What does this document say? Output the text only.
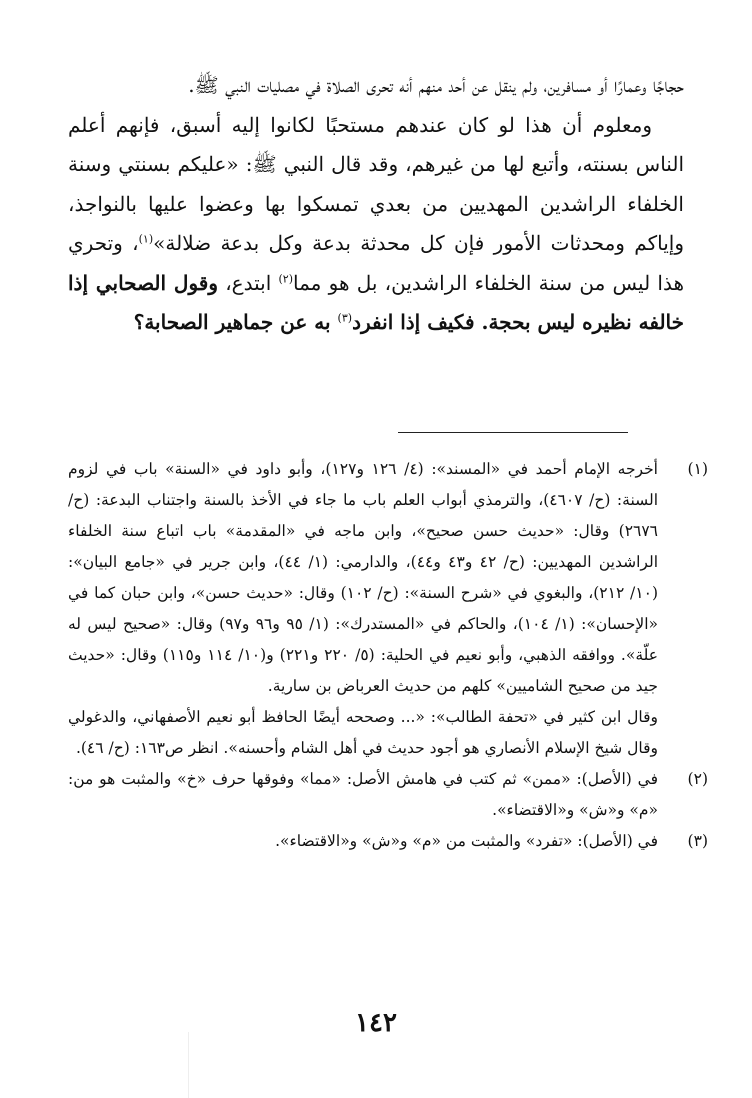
حجاجًا وعمارًا أو مسافرين، ولم ينقل عن أحد منهم أنه تحرى الصلاة في مصليات النبي ﷺ.

ومعلوم أن هذا لو كان عندهم مستحبًا لكانوا إليه أسبق، فإنهم أعلم الناس بسنته، وأتبع لها من غيرهم، وقد قال النبي ﷺ: «عليكم بسنتي وسنة الخلفاء الراشدين المهديين من بعدي تمسكوا بها وعضوا عليها بالنواجذ، وإياكم ومحدثات الأمور فإن كل محدثة بدعة وكل بدعة ضلالة»$^{(١)}$، وتحري هذا ليس من سنة الخلفاء الراشدين، بل هو مما$^{(٢)}$ ابتدع، وقول الصحابي إذا خالفه نظيره ليس بحجة. فكيف إذا انفرد$^{(٣)}$ به عن جماهير الصحابة؟

(١)
أخرجه الإمام أحمد في «المسند»: (٤/ ١٢٦ و١٢٧)، وأبو داود في «السنة» باب في لزوم السنة: (ح/ ٤٦٠٧)، والترمذي أبواب العلم باب ما جاء في الأخذ بالسنة واجتناب البدعة: (ح/ ٢٦٧٦) وقال: «حديث حسن صحيح»، وابن ماجه في «المقدمة» باب اتباع سنة الخلفاء الراشدين المهديين: (ح/ ٤٢ و٤٣ و٤٤)، والدارمي: (١/ ٤٤)، وابن جرير في «جامع البيان»: (١٠/ ٢١٢)، والبغوي في «شرح السنة»: (ح/ ١٠٢) وقال: «حديث حسن»، وابن حبان كما في «الإحسان»: (١/ ١٠٤)، والحاكم في «المستدرك»: (١/ ٩٥ و٩٦ و٩٧) وقال: «صحيح ليس له علّة». ووافقه الذهبي، وأبو نعيم في الحلية: (٥/ ٢٢٠ و٢٢١) و(١٠/ ١١٤ و١١٥) وقال: «حديث جيد من صحيح الشاميين» كلهم من حديث العرباض بن سارية.
وقال ابن كثير في «تحفة الطالب»: «... وصححه أيضًا الحافظ أبو نعيم الأصفهاني، والدغولي وقال شيخ الإسلام الأنصاري هو أجود حديث في أهل الشام وأحسنه». انظر ص١٦٣: (ح/ ٤٦).
(٢)
في (الأصل): «ممن» ثم كتب في هامش الأصل: «مما» وفوقها حرف «خ» والمثبت هو من: «م» و«ش» و«الاقتضاء».
(٣)
في (الأصل): «تفرد» والمثبت من «م» و«ش» و«الاقتضاء».
١٤٢
